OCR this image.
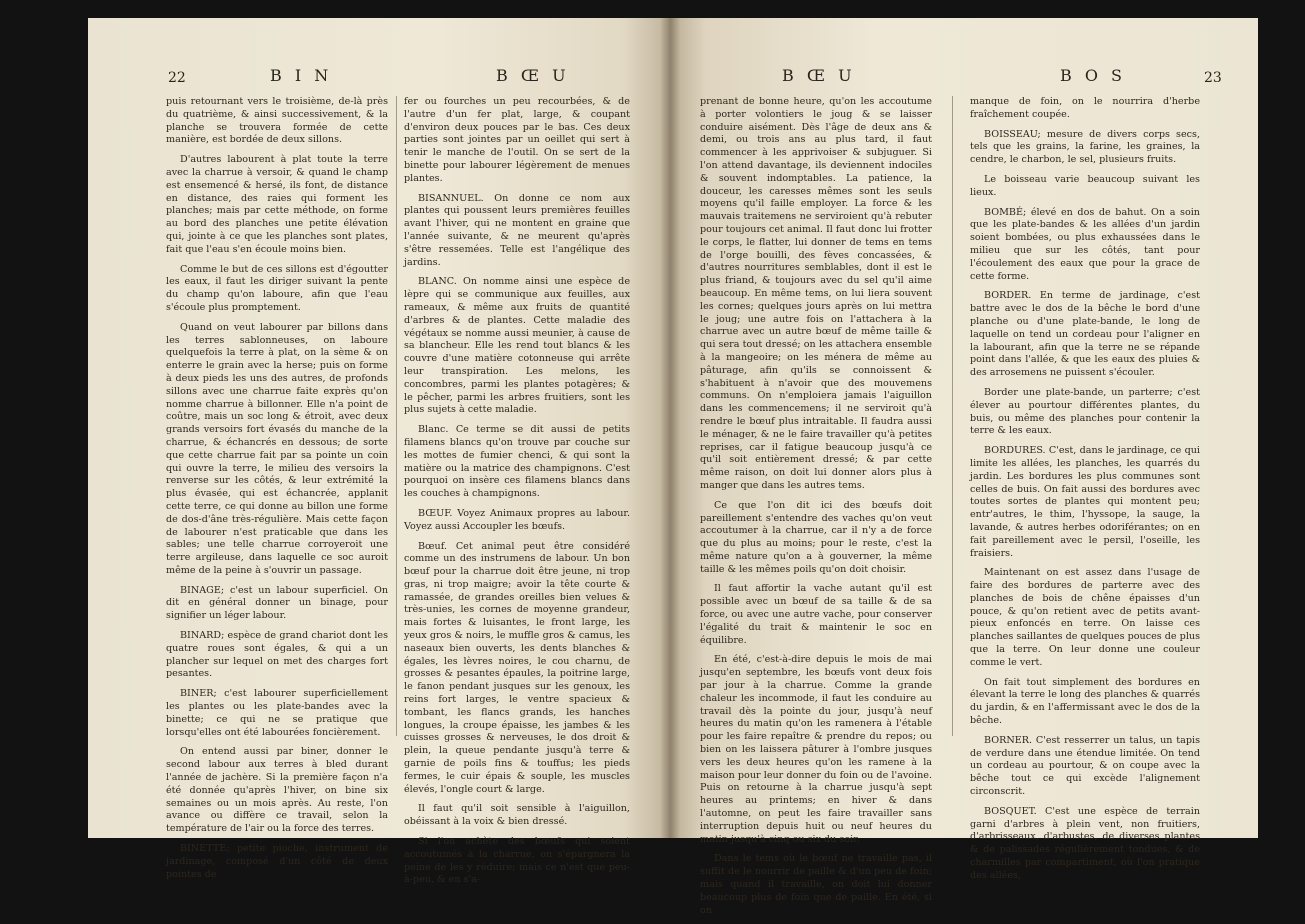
22	B I N	B Œ U

puis retournant vers le troisième, de-là près du quatrième, & ainsi successivement, & la planche se trouvera formée de cette manière, est bordée de deux sillons.

D'autres labourent à plat toute la terre avec la charrue à versoir, & quand le champ est ensemencé & hersé, ils font, de distance en distance, des raies qui forment les planches; mais par cette méthode, on forme au bord des planches une petite élévation qui, jointe à ce que les planches sont plates, fait que l'eau s'en écoule moins bien.

Comme le but de ces sillons est d'égoutter les eaux, il faut les diriger suivant la pente du champ qu'on laboure, afin que l'eau s'écoule plus promptement.

Quand on veut labourer par billons dans les terres sablonneuses, on laboure quelquefois la terre à plat, on la sème & on enterre le grain avec la herse; puis on forme à deux pieds les uns des autres, de profonds sillons avec une charrue faite exprès qu'on nomme charrue à billonner. Elle n'a point de coûtre, mais un soc long & étroit, avec deux grands versoirs fort évasés du manche de la charrue, & échancrés en dessous; de sorte que cette charrue fait par sa pointe un coin qui ouvre la terre, le milieu des versoirs la renverse sur les côtés, & leur extrémité la plus évasée, qui est échancrée, applanit cette terre, ce qui donne au billon une forme de dos-d'âne très-régulière. Mais cette façon de labourer n'est praticable que dans les sables; une telle charrue corroyeroit une terre argileuse, dans laquelle ce soc auroit même de la peine à s'ouvrir un passage.

BINAGE; c'est un labour superficiel. On dit en général donner un binage, pour signifier un léger labour.

BINARD; espèce de grand chariot dont les quatre roues sont égales, & qui a un plancher sur lequel on met des charges fort pesantes.

BINER; c'est labourer superficiellement les plantes ou les plate-bandes avec la binette; ce qui ne se pratique que lorsqu'elles ont été labourées foncièrement.

On entend aussi par biner, donner le second labour aux terres à bled durant l'année de jachère. Si la première façon n'a été donnée qu'après l'hiver, on bine six semaines ou un mois après. Au reste, l'on avance ou diffère ce travail, selon la température de l'air ou la force des terres.

BINETTE; petite pioche, instrument de jardinage, composé d'un côté de deux pointes de

fer ou fourches un peu recourbées, & de l'autre d'un fer plat, large, & coupant d'environ deux pouces par le bas. Ces deux parties sont jointes par un oeillet qui sert à tenir le manche de l'outil. On se sert de la binette pour labourer légèrement de menues plantes.

BISANNUEL. On donne ce nom aux plantes qui poussent leurs premières feuilles avant l'hiver, qui ne montent en graine que l'année suivante, & ne meurent qu'après s'être ressemées. Telle est l'angélique des jardins.

BLANC. On nomme ainsi une espèce de lèpre qui se communique aux feuilles, aux rameaux, & même aux fruits de quantité d'arbres & de plantes. Cette maladie des végétaux se nomme aussi meunier, à cause de sa blancheur. Elle les rend tout blancs & les couvre d'une matière cotonneuse qui arrête leur transpiration. Les melons, les concombres, parmi les plantes potagères; & le pêcher, parmi les arbres fruitiers, sont les plus sujets à cette maladie.

Blanc. Ce terme se dit aussi de petits filamens blancs qu'on trouve par couche sur les mottes de fumier chenci, & qui sont la matière ou la matrice des champignons. C'est pourquoi on insère ces filamens blancs dans les couches à champignons.

BŒUF. Voyez Animaux propres au labour. Voyez aussi Accoupler les bœufs.

Bœuf. Cet animal peut être considéré comme un des instrumens de labour. Un bon bœuf pour la charrue doit être jeune, ni trop gras, ni trop maigre; avoir la tête courte & ramassée, de grandes oreilles bien velues & très-unies, les cornes de moyenne grandeur, mais fortes & luisantes, le front large, les yeux gros & noirs, le muffle gros & camus, les naseaux bien ouverts, les dents blanches & égales, les lèvres noires, le cou charnu, de grosses & pesantes épaules, la poitrine large, le fanon pendant jusques sur les genoux, les reins fort larges, le ventre spacieux & tombant, les flancs grands, les hanches longues, la croupe épaisse, les jambes & les cuisses grosses & nerveuses, le dos droit & plein, la queue pendante jusqu'à terre & garnie de poils fins & touffus; les pieds fermes, le cuir épais & souple, les muscles élevés, l'ongle court & large.

Il faut qu'il soit sensible à l'aiguillon, obéissant à la voix & bien dressé.

Si l'on achète des bœufs qui soient accoutumés à la charrue, on s'épargnera la peine de les y réduire; mais ce n'est que peu-à-peu, & en s'a-

B Œ U	B O S	23

prenant de bonne heure, qu'on les accoutume à porter volontiers le joug & se laisser conduire aisément. Dès l'âge de deux ans & demi, ou trois ans au plus tard, il faut commencer à les apprivoiser & subjuguer. Si l'on attend davantage, ils deviennent indociles & souvent indomptables. La patience, la douceur, les caresses mêmes sont les seuls moyens qu'il faille employer. La force & les mauvais traitemens ne serviroient qu'à rebuter pour toujours cet animal. Il faut donc lui frotter le corps, le flatter, lui donner de tems en tems de l'orge bouilli, des fèves concassées, & d'autres nourritures semblables, dont il est le plus friand, & toujours avec du sel qu'il aime beaucoup. En même tems, on lui liera souvent les cornes; quelques jours après on lui mettra le joug; une autre fois on l'attachera à la charrue avec un autre bœuf de même taille & qui sera tout dressé; on les attachera ensemble à la mangeoire; on les ménera de même au pâturage, afin qu'ils se connoissent & s'habituent à n'avoir que des mouvemens communs. On n'emploiera jamais l'aiguillon dans les commencemens; il ne serviroit qu'à rendre le bœuf plus intraitable. Il faudra aussi le ménager, & ne le faire travailler qu'à petites reprises, car il fatigue beaucoup jusqu'à ce qu'il soit entièrement dressé; & par cette même raison, on doit lui donner alors plus à manger que dans les autres tems.

Ce que l'on dit ici des bœufs doit pareillement s'entendre des vaches qu'on veut accoutumer à la charrue, car il n'y a de force que du plus au moins; pour le reste, c'est la même nature qu'on a à gouverner, la même taille & les mêmes poils qu'on doit choisir.

Il faut affortir la vache autant qu'il est possible avec un bœuf de sa taille & de sa force, ou avec une autre vache, pour conserver l'égalité du trait & maintenir le soc en équilibre.

En été, c'est-à-dire depuis le mois de mai jusqu'en septembre, les bœufs vont deux fois par jour à la charrue. Comme la grande chaleur les incommode, il faut les conduire au travail dès la pointe du jour, jusqu'à neuf heures du matin qu'on les ramenera à l'étable pour les faire repaître & prendre du repos; ou bien on les laissera pâturer à l'ombre jusques vers les deux heures qu'on les ramene à la maison pour leur donner du foin ou de l'avoine. Puis on retourne à la charrue jusqu'à sept heures au printems; en hiver & dans l'automne, on peut les faire travailler sans interruption depuis huit ou neuf heures du matin jusqu'à cinq ou six du soir.

Dans le tems où le bœuf ne travaille pas, il suffit de le nourrir de paille & d'un peu de foin; mais quand il travaille, on doit lui donner beaucoup plus de foin que de paille. En été, si on

manque de foin, on le nourrira d'herbe fraîchement coupée.

BOISSEAU; mesure de divers corps secs, tels que les grains, la farine, les graines, la cendre, le charbon, le sel, plusieurs fruits.

Le boisseau varie beaucoup suivant les lieux.

BOMBÉ; élevé en dos de bahut. On a soin que les plate-bandes & les allées d'un jardin soient bombées, ou plus exhaussées dans le milieu que sur les côtés, tant pour l'écoulement des eaux que pour la grace de cette forme.

BORDER. En terme de jardinage, c'est battre avec le dos de la bêche le bord d'une planche ou d'une plate-bande, le long de laquelle on tend un cordeau pour l'aligner en la labourant, afin que la terre ne se répande point dans l'allée, & que les eaux des pluies & des arrosemens ne puissent s'écouler.

Border une plate-bande, un parterre; c'est élever au pourtour différentes plantes, du buis, ou même des planches pour contenir la terre & les eaux.

BORDURES. C'est, dans le jardinage, ce qui limite les allées, les planches, les quarrés du jardin. Les bordures les plus communes sont celles de buis. On fait aussi des bordures avec toutes sortes de plantes qui montent peu; entr'autres, le thim, l'hyssope, la sauge, la lavande, & autres herbes odoriférantes; on en fait pareillement avec le persil, l'oseille, les fraisiers.

Maintenant on est assez dans l'usage de faire des bordures de parterre avec des planches de bois de chêne épaisses d'un pouce, & qu'on retient avec de petits avant-pieux enfoncés en terre. On laisse ces planches saillantes de quelques pouces de plus que la terre. On leur donne une couleur comme le vert.

On fait tout simplement des bordures en élevant la terre le long des planches & quarrés du jardin, & en l'affermissant avec le dos de la bêche.

BORNER. C'est resserrer un talus, un tapis de verdure dans une étendue limitée. On tend un cordeau au pourtour, & on coupe avec la bêche tout ce qui excède l'alignement circonscrit.

BOSQUET. C'est une espèce de terrain garni d'arbres à plein vent, non fruitiers, d'arbrisseaux, d'arbustes, de diverses plantes & de palissades régulièrement tondues, & de charmilles par compartiment, où l'on pratique des allées,
